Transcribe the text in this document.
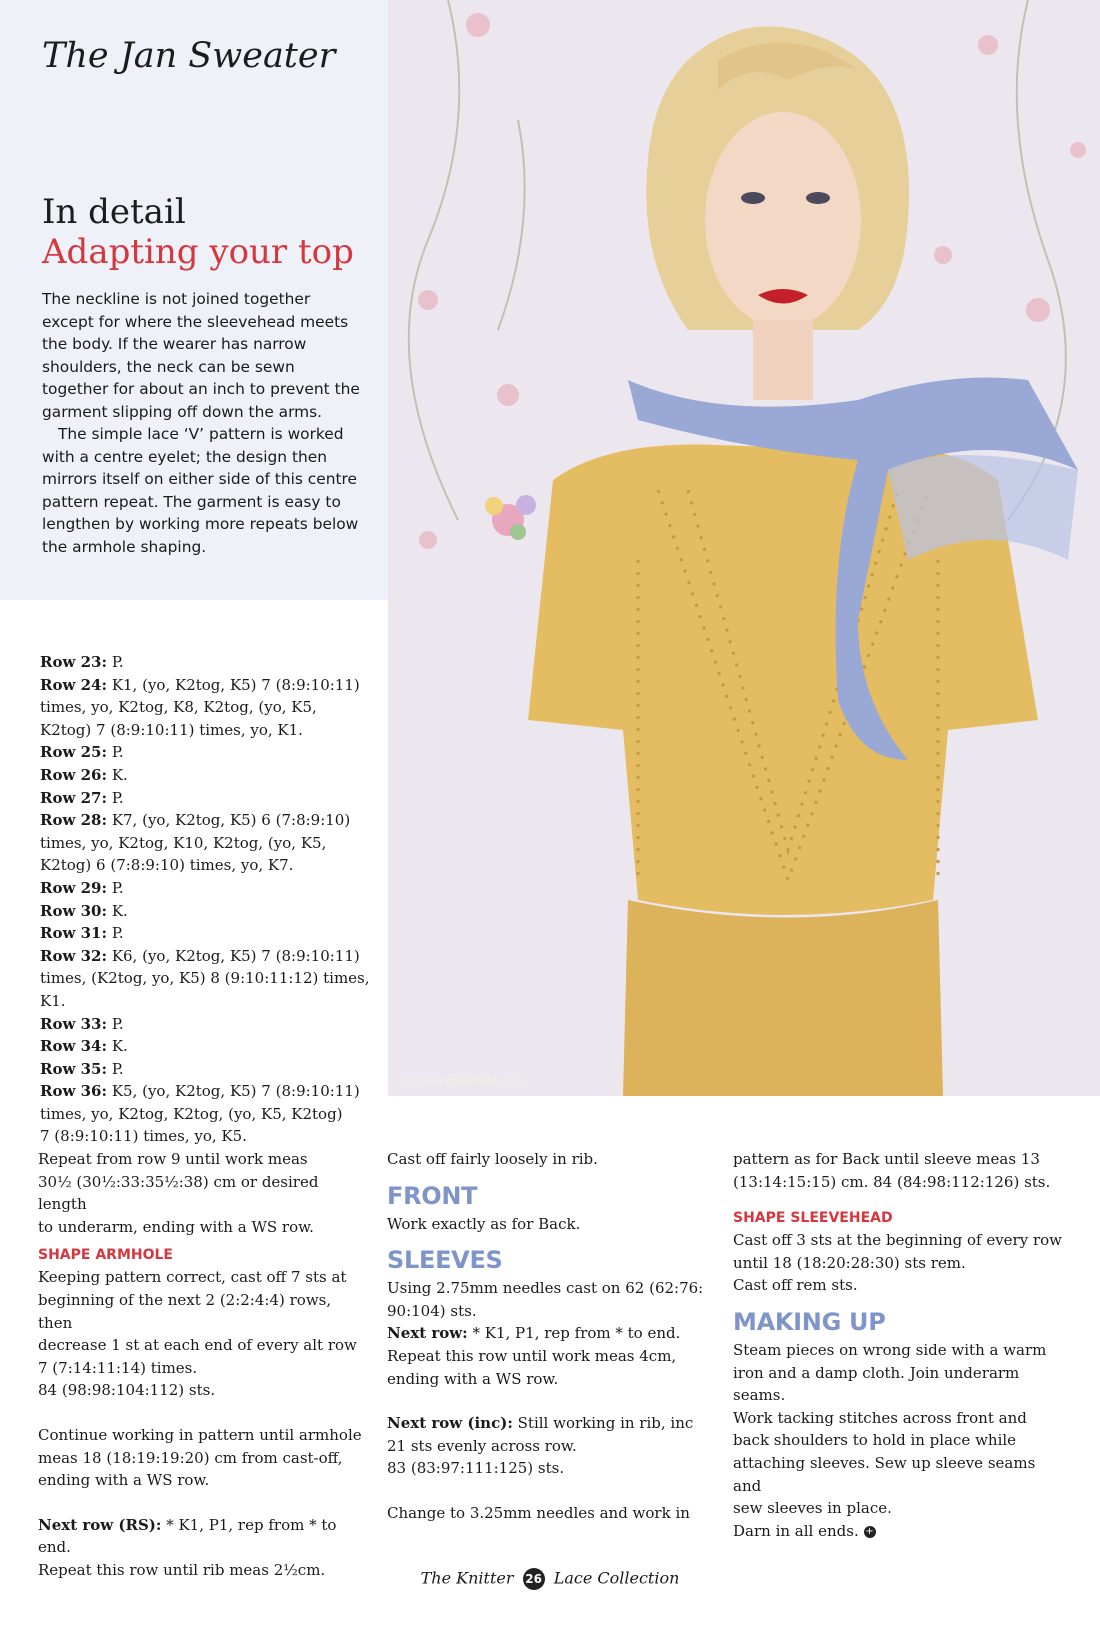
The Jan Sweater
In detail
Adapting your top

The neckline is not joined together except for where the sleevehead meets the body. If the wearer has narrow shoulders, the neck can be sewn together for about an inch to prevent the garment slipping off down the arms.

The simple lace ‘V’ pattern is worked with a centre eyelet; the design then mirrors itself on either side of this centre pattern repeat. The garment is easy to lengthen by working more repeats below the armhole shaping.

© SUSAN CRAWFORD 2011
Row 23: P.
Row 24: K1, (yo, K2tog, K5) 7 (8:9:10:11)
times, yo, K2tog, K8, K2tog, (yo, K5,
K2tog) 7 (8:9:10:11) times, yo, K1.
Row 25: P.
Row 26: K.
Row 27: P.
Row 28: K7, (yo, K2tog, K5) 6 (7:8:9:10)
times, yo, K2tog, K10, K2tog, (yo, K5,
K2tog) 6 (7:8:9:10) times, yo, K7.
Row 29: P.
Row 30: K.
Row 31: P.
Row 32: K6, (yo, K2tog, K5) 7 (8:9:10:11)
times, (K2tog, yo, K5) 8 (9:10:11:12) times, K1.
Row 33: P.
Row 34: K.
Row 35: P.
Row 36: K5, (yo, K2tog, K5) 7 (8:9:10:11)
times, yo, K2tog, K2tog, (yo, K5, K2tog)
7 (8:9:10:11) times, yo, K5.

Repeat from row 9 until work meas
30½ (30½:33:35½:38) cm or desired length
to underarm, ending with a WS row.

SHAPE ARMHOLE

Keeping pattern correct, cast off 7 sts at
beginning of the next 2 (2:2:4:4) rows, then
decrease 1 st at each end of every alt row
7 (7:14:11:14) times.
84 (98:98:104:112) sts.

Continue working in pattern until armhole
meas 18 (18:19:19:20) cm from cast-off,
ending with a WS row.

Next row (RS): * K1, P1, rep from * to end.
Repeat this row until rib meas 2½cm.

Cast off fairly loosely in rib.

FRONT

Work exactly as for Back.

SLEEVES

Using 2.75mm needles cast on 62 (62:76:
90:104) sts.

Next row: * K1, P1, rep from * to end.
Repeat this row until work meas 4cm,
ending with a WS row.

Next row (inc): Still working in rib, inc
21 sts evenly across row.
83 (83:97:111:125) sts.

Change to 3.25mm needles and work in

pattern as for Back until sleeve meas 13
(13:14:15:15) cm. 84 (84:98:112:126) sts.

SHAPE SLEEVEHEAD

Cast off 3 sts at the beginning of every row
until 18 (18:20:28:30) sts rem.
Cast off rem sts.

MAKING UP

Steam pieces on wrong side with a warm
iron and a damp cloth. Join underarm
seams.
Work tacking stitches across front and
back shoulders to hold in place while
attaching sleeves. Sew up sleeve seams and
sew sleeves in place.
Darn in all ends. +

The Knitter 26 Lace Collection
